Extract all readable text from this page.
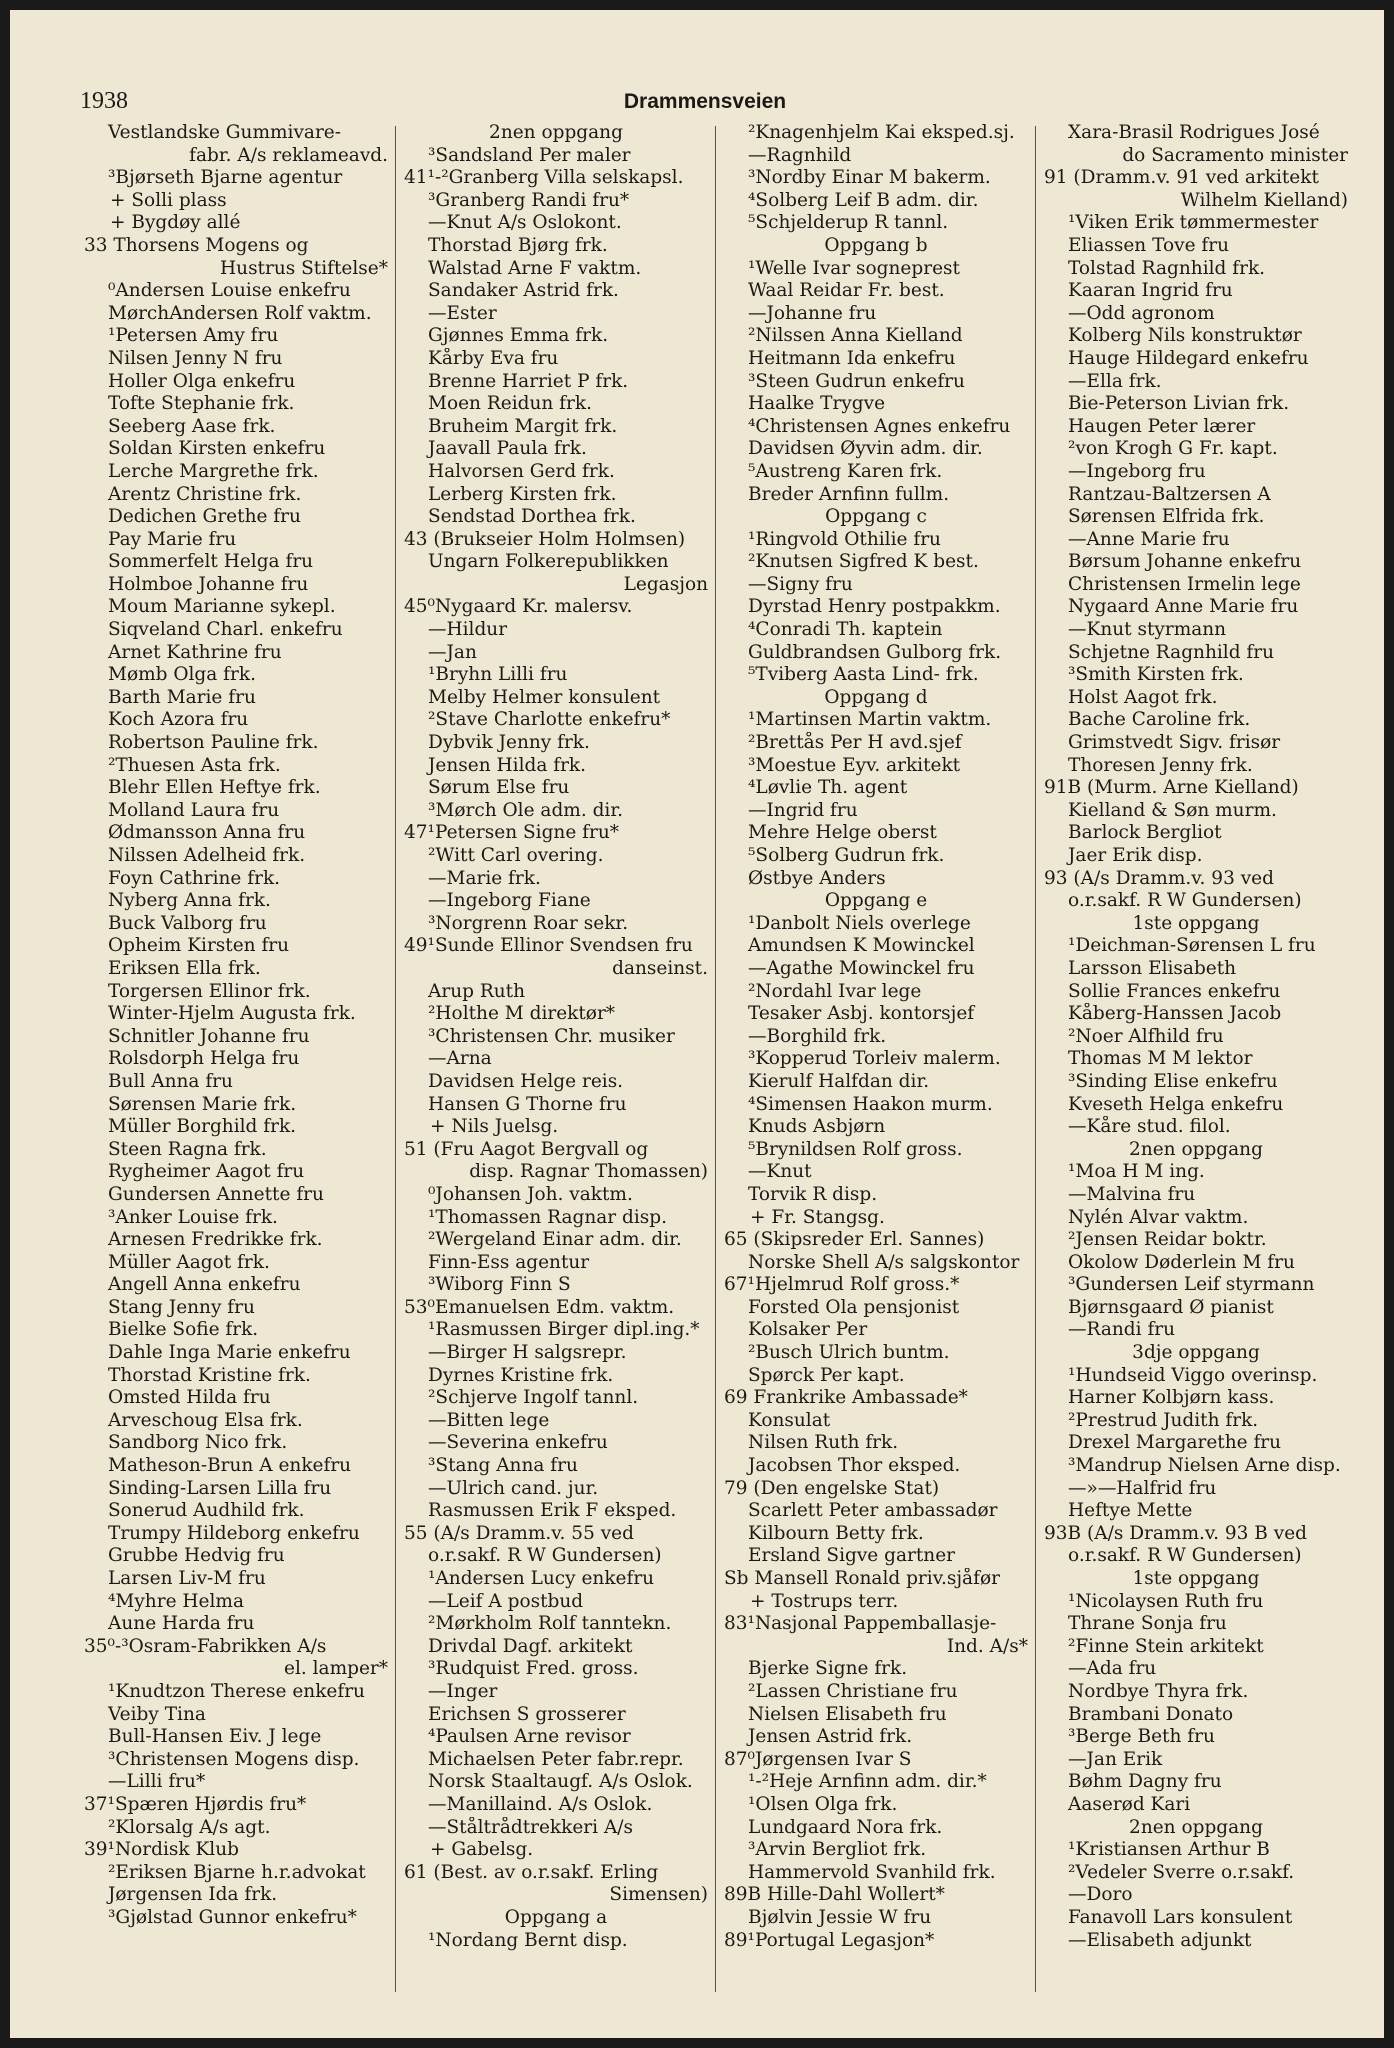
1938	Drammensveien
Vestlandske Gummivare-
fabr. A/s reklameavd.
³Bjørseth Bjarne agentur
+ Solli plass
+ Bygdøy allé
33 Thorsens Mogens og
Hustrus Stiftelse*
⁰Andersen Louise enkefru
MørchAndersen Rolf vaktm.
¹Petersen Amy fru
Nilsen Jenny N fru
Holler Olga enkefru
Tofte Stephanie frk.
Seeberg Aase frk.
Soldan Kirsten enkefru
Lerche Margrethe frk.
Arentz Christine frk.
Dedichen Grethe fru
Pay Marie fru
Sommerfelt Helga fru
Holmboe Johanne fru
Moum Marianne sykepl.
Siqveland Charl. enkefru
Arnet Kathrine fru
Mømb Olga frk.
Barth Marie fru
Koch Azora fru
Robertson Pauline frk.
²Thuesen Asta frk.
Blehr Ellen Heftye frk.
Molland Laura fru
Ødmansson Anna fru
Nilssen Adelheid frk.
Foyn Cathrine frk.
Nyberg Anna frk.
Buck Valborg fru
Opheim Kirsten fru
Eriksen Ella frk.
Torgersen Ellinor frk.
Winter-Hjelm Augusta frk.
Schnitler Johanne fru
Rolsdorph Helga fru
Bull Anna fru
Sørensen Marie frk.
Müller Borghild frk.
Steen Ragna frk.
Rygheimer Aagot fru
Gundersen Annette fru
³Anker Louise frk.
Arnesen Fredrikke frk.
Müller Aagot frk.
Angell Anna enkefru
Stang Jenny fru
Bielke Sofie frk.
Dahle Inga Marie enkefru
Thorstad Kristine frk.
Omsted Hilda fru
Arveschoug Elsa frk.
Sandborg Nico frk.
Matheson-Brun A enkefru
Sinding-Larsen Lilla fru
Sonerud Audhild frk.
Trumpy Hildeborg enkefru
Grubbe Hedvig fru
Larsen Liv-M fru
⁴Myhre Helma
Aune Harda fru
35⁰-³Osram-Fabrikken A/s
el. lamper*
¹Knudtzon Therese enkefru
Veiby Tina
Bull-Hansen Eiv. J lege
³Christensen Mogens disp.
—Lilli fru*
37¹Spæren Hjørdis fru*
²Klorsalg A/s agt.
39¹Nordisk Klub
²Eriksen Bjarne h.r.advokat
Jørgensen Ida frk.
³Gjølstad Gunnor enkefru*
2nen oppgang
³Sandsland Per maler
41¹-²Granberg Villa selskapsl.
³Granberg Randi fru*
—Knut A/s Oslokont.
Thorstad Bjørg frk.
Walstad Arne F vaktm.
Sandaker Astrid frk.
—Ester
Gjønnes Emma frk.
Kårby Eva fru
Brenne Harriet P frk.
Moen Reidun frk.
Bruheim Margit frk.
Jaavall Paula frk.
Halvorsen Gerd frk.
Lerberg Kirsten frk.
Sendstad Dorthea frk.
43 (Brukseier Holm Holmsen)
Ungarn Folkerepublikken
Legasjon
45⁰Nygaard Kr. malersv.
—Hildur
—Jan
¹Bryhn Lilli fru
Melby Helmer konsulent
²Stave Charlotte enkefru*
Dybvik Jenny frk.
Jensen Hilda frk.
Sørum Else fru
³Mørch Ole adm. dir.
47¹Petersen Signe fru*
²Witt Carl overing.
—Marie frk.
—Ingeborg Fiane
³Norgrenn Roar sekr.
49¹Sunde Ellinor Svendsen fru
danseinst.
Arup Ruth
²Holthe M direktør*
³Christensen Chr. musiker
—Arna
Davidsen Helge reis.
Hansen G Thorne fru
+ Nils Juelsg.
51 (Fru Aagot Bergvall og
disp. Ragnar Thomassen)
⁰Johansen Joh. vaktm.
¹Thomassen Ragnar disp.
²Wergeland Einar adm. dir.
Finn-Ess agentur
³Wiborg Finn S
53⁰Emanuelsen Edm. vaktm.
¹Rasmussen Birger dipl.ing.*
—Birger H salgsrepr.
Dyrnes Kristine frk.
²Schjerve Ingolf tannl.
—Bitten lege
—Severina enkefru
³Stang Anna fru
—Ulrich cand. jur.
Rasmussen Erik F eksped.
55 (A/s Dramm.v. 55 ved
o.r.sakf. R W Gundersen)
¹Andersen Lucy enkefru
—Leif A postbud
²Mørkholm Rolf tanntekn.
Drivdal Dagf. arkitekt
³Rudquist Fred. gross.
—Inger
Erichsen S grosserer
⁴Paulsen Arne revisor
Michaelsen Peter fabr.repr.
Norsk Staaltaugf. A/s Oslok.
—Manillaind. A/s Oslok.
—Ståltrådtrekkeri A/s
+ Gabelsg.
61 (Best. av o.r.sakf. Erling
Simensen)
Oppgang a
¹Nordang Bernt disp.
²Knagenhjelm Kai eksped.sj.
—Ragnhild
³Nordby Einar M bakerm.
⁴Solberg Leif B adm. dir.
⁵Schjelderup R tannl.
Oppgang b
¹Welle Ivar sogneprest
Waal Reidar Fr. best.
—Johanne fru
²Nilssen Anna Kielland
Heitmann Ida enkefru
³Steen Gudrun enkefru
Haalke Trygve
⁴Christensen Agnes enkefru
Davidsen Øyvin adm. dir.
⁵Austreng Karen frk.
Breder Arnfinn fullm.
Oppgang c
¹Ringvold Othilie fru
²Knutsen Sigfred K best.
—Signy fru
Dyrstad Henry postpakkm.
⁴Conradi Th. kaptein
Guldbrandsen Gulborg frk.
⁵Tviberg Aasta Lind- frk.
Oppgang d
¹Martinsen Martin vaktm.
²Brettås Per H avd.sjef
³Moestue Eyv. arkitekt
⁴Løvlie Th. agent
—Ingrid fru
Mehre Helge oberst
⁵Solberg Gudrun frk.
Østbye Anders
Oppgang e
¹Danbolt Niels overlege
Amundsen K Mowinckel
—Agathe Mowinckel fru
²Nordahl Ivar lege
Tesaker Asbj. kontorsjef
—Borghild frk.
³Kopperud Torleiv malerm.
Kierulf Halfdan dir.
⁴Simensen Haakon murm.
Knuds Asbjørn
⁵Brynildsen Rolf gross.
—Knut
Torvik R disp.
+ Fr. Stangsg.
65 (Skipsreder Erl. Sannes)
Norske Shell A/s salgskontor
67¹Hjelmrud Rolf gross.*
Forsted Ola pensjonist
Kolsaker Per
²Busch Ulrich buntm.
Spørck Per kapt.
69 Frankrike Ambassade*
Konsulat
Nilsen Ruth frk.
Jacobsen Thor eksped.
79 (Den engelske Stat)
Scarlett Peter ambassadør
Kilbourn Betty frk.
Ersland Sigve gartner
Sb Mansell Ronald priv.sjåfør
+ Tostrups terr.
83¹Nasjonal Pappemballasje-
Ind. A/s*
Bjerke Signe frk.
²Lassen Christiane fru
Nielsen Elisabeth fru
Jensen Astrid frk.
87⁰Jørgensen Ivar S
¹-²Heje Arnfinn adm. dir.*
¹Olsen Olga frk.
Lundgaard Nora frk.
³Arvin Bergliot frk.
Hammervold Svanhild frk.
89B Hille-Dahl Wollert*
Bjølvin Jessie W fru
89¹Portugal Legasjon*
Xara-Brasil Rodrigues José
do Sacramento minister
91 (Dramm.v. 91 ved arkitekt
Wilhelm Kielland)
¹Viken Erik tømmermester
Eliassen Tove fru
Tolstad Ragnhild frk.
Kaaran Ingrid fru
—Odd agronom
Kolberg Nils konstruktør
Hauge Hildegard enkefru
—Ella frk.
Bie-Peterson Livian frk.
Haugen Peter lærer
²von Krogh G Fr. kapt.
—Ingeborg fru
Rantzau-Baltzersen A
Sørensen Elfrida frk.
—Anne Marie fru
Børsum Johanne enkefru
Christensen Irmelin lege
Nygaard Anne Marie fru
—Knut styrmann
Schjetne Ragnhild fru
³Smith Kirsten frk.
Holst Aagot frk.
Bache Caroline frk.
Grimstvedt Sigv. frisør
Thoresen Jenny frk.
91B (Murm. Arne Kielland)
Kielland & Søn murm.
Barlock Bergliot
Jaer Erik disp.
93 (A/s Dramm.v. 93 ved
o.r.sakf. R W Gundersen)
1ste oppgang
¹Deichman-Sørensen L fru
Larsson Elisabeth
Sollie Frances enkefru
Kåberg-Hanssen Jacob
²Noer Alfhild fru
Thomas M M lektor
³Sinding Elise enkefru
Kveseth Helga enkefru
—Kåre stud. filol.
2nen oppgang
¹Moa H M ing.
—Malvina fru
Nylén Alvar vaktm.
²Jensen Reidar boktr.
Okolow Døderlein M fru
³Gundersen Leif styrmann
Bjørnsgaard Ø pianist
—Randi fru
3dje oppgang
¹Hundseid Viggo overinsp.
Harner Kolbjørn kass.
²Prestrud Judith frk.
Drexel Margarethe fru
³Mandrup Nielsen Arne disp.
—»—Halfrid fru
Heftye Mette
93B (A/s Dramm.v. 93 B ved
o.r.sakf. R W Gundersen)
1ste oppgang
¹Nicolaysen Ruth fru
Thrane Sonja fru
²Finne Stein arkitekt
—Ada fru
Nordbye Thyra frk.
Brambani Donato
³Berge Beth fru
—Jan Erik
Bøhm Dagny fru
Aaserød Kari
2nen oppgang
¹Kristiansen Arthur B
²Vedeler Sverre o.r.sakf.
—Doro
Fanavoll Lars konsulent
—Elisabeth adjunkt
